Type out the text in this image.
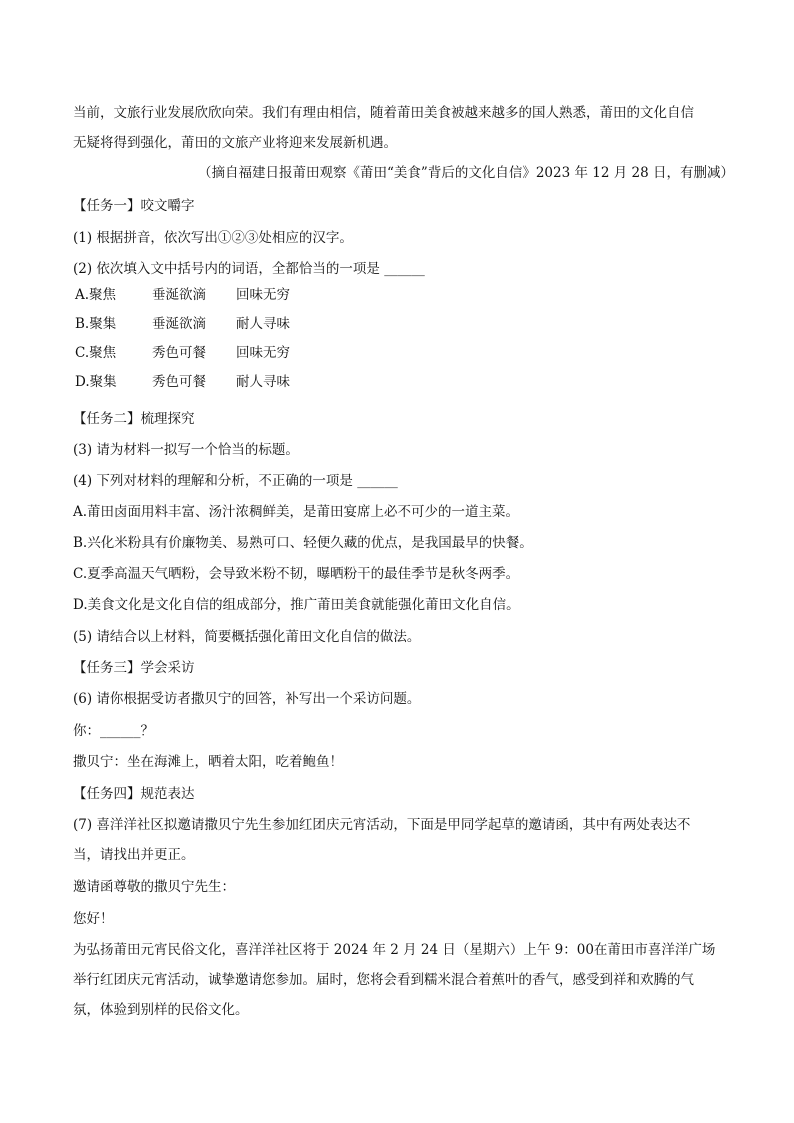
当前，文旅行业发展欣欣向荣。我们有理由相信，随着莆田美食被越来越多的国人熟悉，莆田的文化自信
无疑将得到强化，莆田的文旅产业将迎来发展新机遇。
（摘自福建日报莆田观察《莆田“美食”背后的文化自信》2023 年 12 月 28 日，有删减）
【任务一】咬文嚼字
(1) 根据拼音，依次写出①②③处相应的汉字。
(2) 依次填入文中括号内的词语，全都恰当的一项是 ______
A.聚焦	垂涎欲滴 回味无穷
B.聚集	垂涎欲滴 耐人寻味
C.聚焦	秀色可餐 回味无穷
D.聚集	秀色可餐 耐人寻味
【任务二】梳理探究
(3) 请为材料一拟写一个恰当的标题。
(4) 下列对材料的理解和分析，不正确的一项是 ______
A.莆田卤面用料丰富、汤汁浓稠鲜美，是莆田宴席上必不可少的一道主菜。
B.兴化米粉具有价廉物美、易熟可口、轻便久藏的优点，是我国最早的快餐。
C.夏季高温天气晒粉，会导致米粉不韧，曝晒粉干的最佳季节是秋冬两季。
D.美食文化是文化自信的组成部分，推广莆田美食就能强化莆田文化自信。
(5) 请结合以上材料，简要概括强化莆田文化自信的做法。
【任务三】学会采访
(6) 请你根据受访者撒贝宁的回答，补写出一个采访问题。
你：______？
撒贝宁：坐在海滩上，晒着太阳，吃着鲍鱼！
【任务四】规范表达
(7) 喜洋洋社区拟邀请撒贝宁先生参加红团庆元宵活动，下面是甲同学起草的邀请函，其中有两处表达不
当，请找出并更正。
邀请函尊敬的撒贝宁先生：
您好！
为弘扬莆田元宵民俗文化，喜洋洋社区将于 2024 年 2 月 24 日（星期六）上午 9：00在莆田市喜洋洋广场
举行红团庆元宵活动，诚挚邀请您参加。届时，您将会看到糯米混合着蕉叶的香气，感受到祥和欢腾的气
氛，体验到别样的民俗文化。
